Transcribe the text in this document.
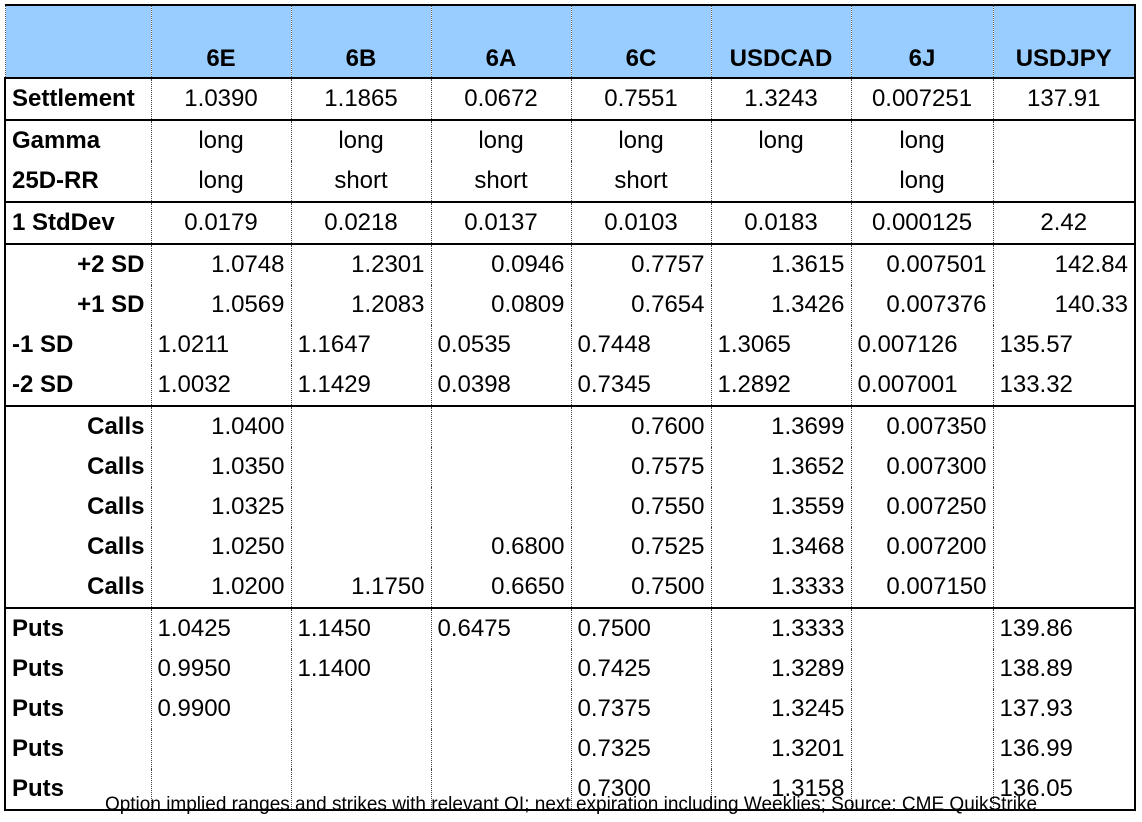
	6E	6B	6A	6C	USDCAD	6J	USDJPY
Settlement	1.0390	1.1865	0.0672	0.7551	1.3243	0.007251	137.91
Gamma	long	long	long	long	long	long	
25D-RR	long	short	short	short		long	
1 StdDev	0.0179	0.0218	0.0137	0.0103	0.0183	0.000125	2.42
+2 SD	1.0748	1.2301	0.0946	0.7757	1.3615	0.007501	142.84
+1 SD	1.0569	1.2083	0.0809	0.7654	1.3426	0.007376	140.33
-1 SD	1.0211	1.1647	0.0535	0.7448	1.3065	0.007126	135.57
-2 SD	1.0032	1.1429	0.0398	0.7345	1.2892	0.007001	133.32
Calls	1.0400			0.7600	1.3699	0.007350	
Calls	1.0350			0.7575	1.3652	0.007300	
Calls	1.0325			0.7550	1.3559	0.007250	
Calls	1.0250		0.6800	0.7525	1.3468	0.007200	
Calls	1.0200	1.1750	0.6650	0.7500	1.3333	0.007150	
Puts	1.0425	1.1450	0.6475	0.7500	1.3333		139.86
Puts	0.9950	1.1400		0.7425	1.3289		138.89
Puts	0.9900			0.7375	1.3245		137.93
Puts				0.7325	1.3201		136.99
Puts				0.7300	1.3158		136.05
Option implied ranges and strikes with relevant OI; next expiration including Weeklies; Source: CME QuikStrike
